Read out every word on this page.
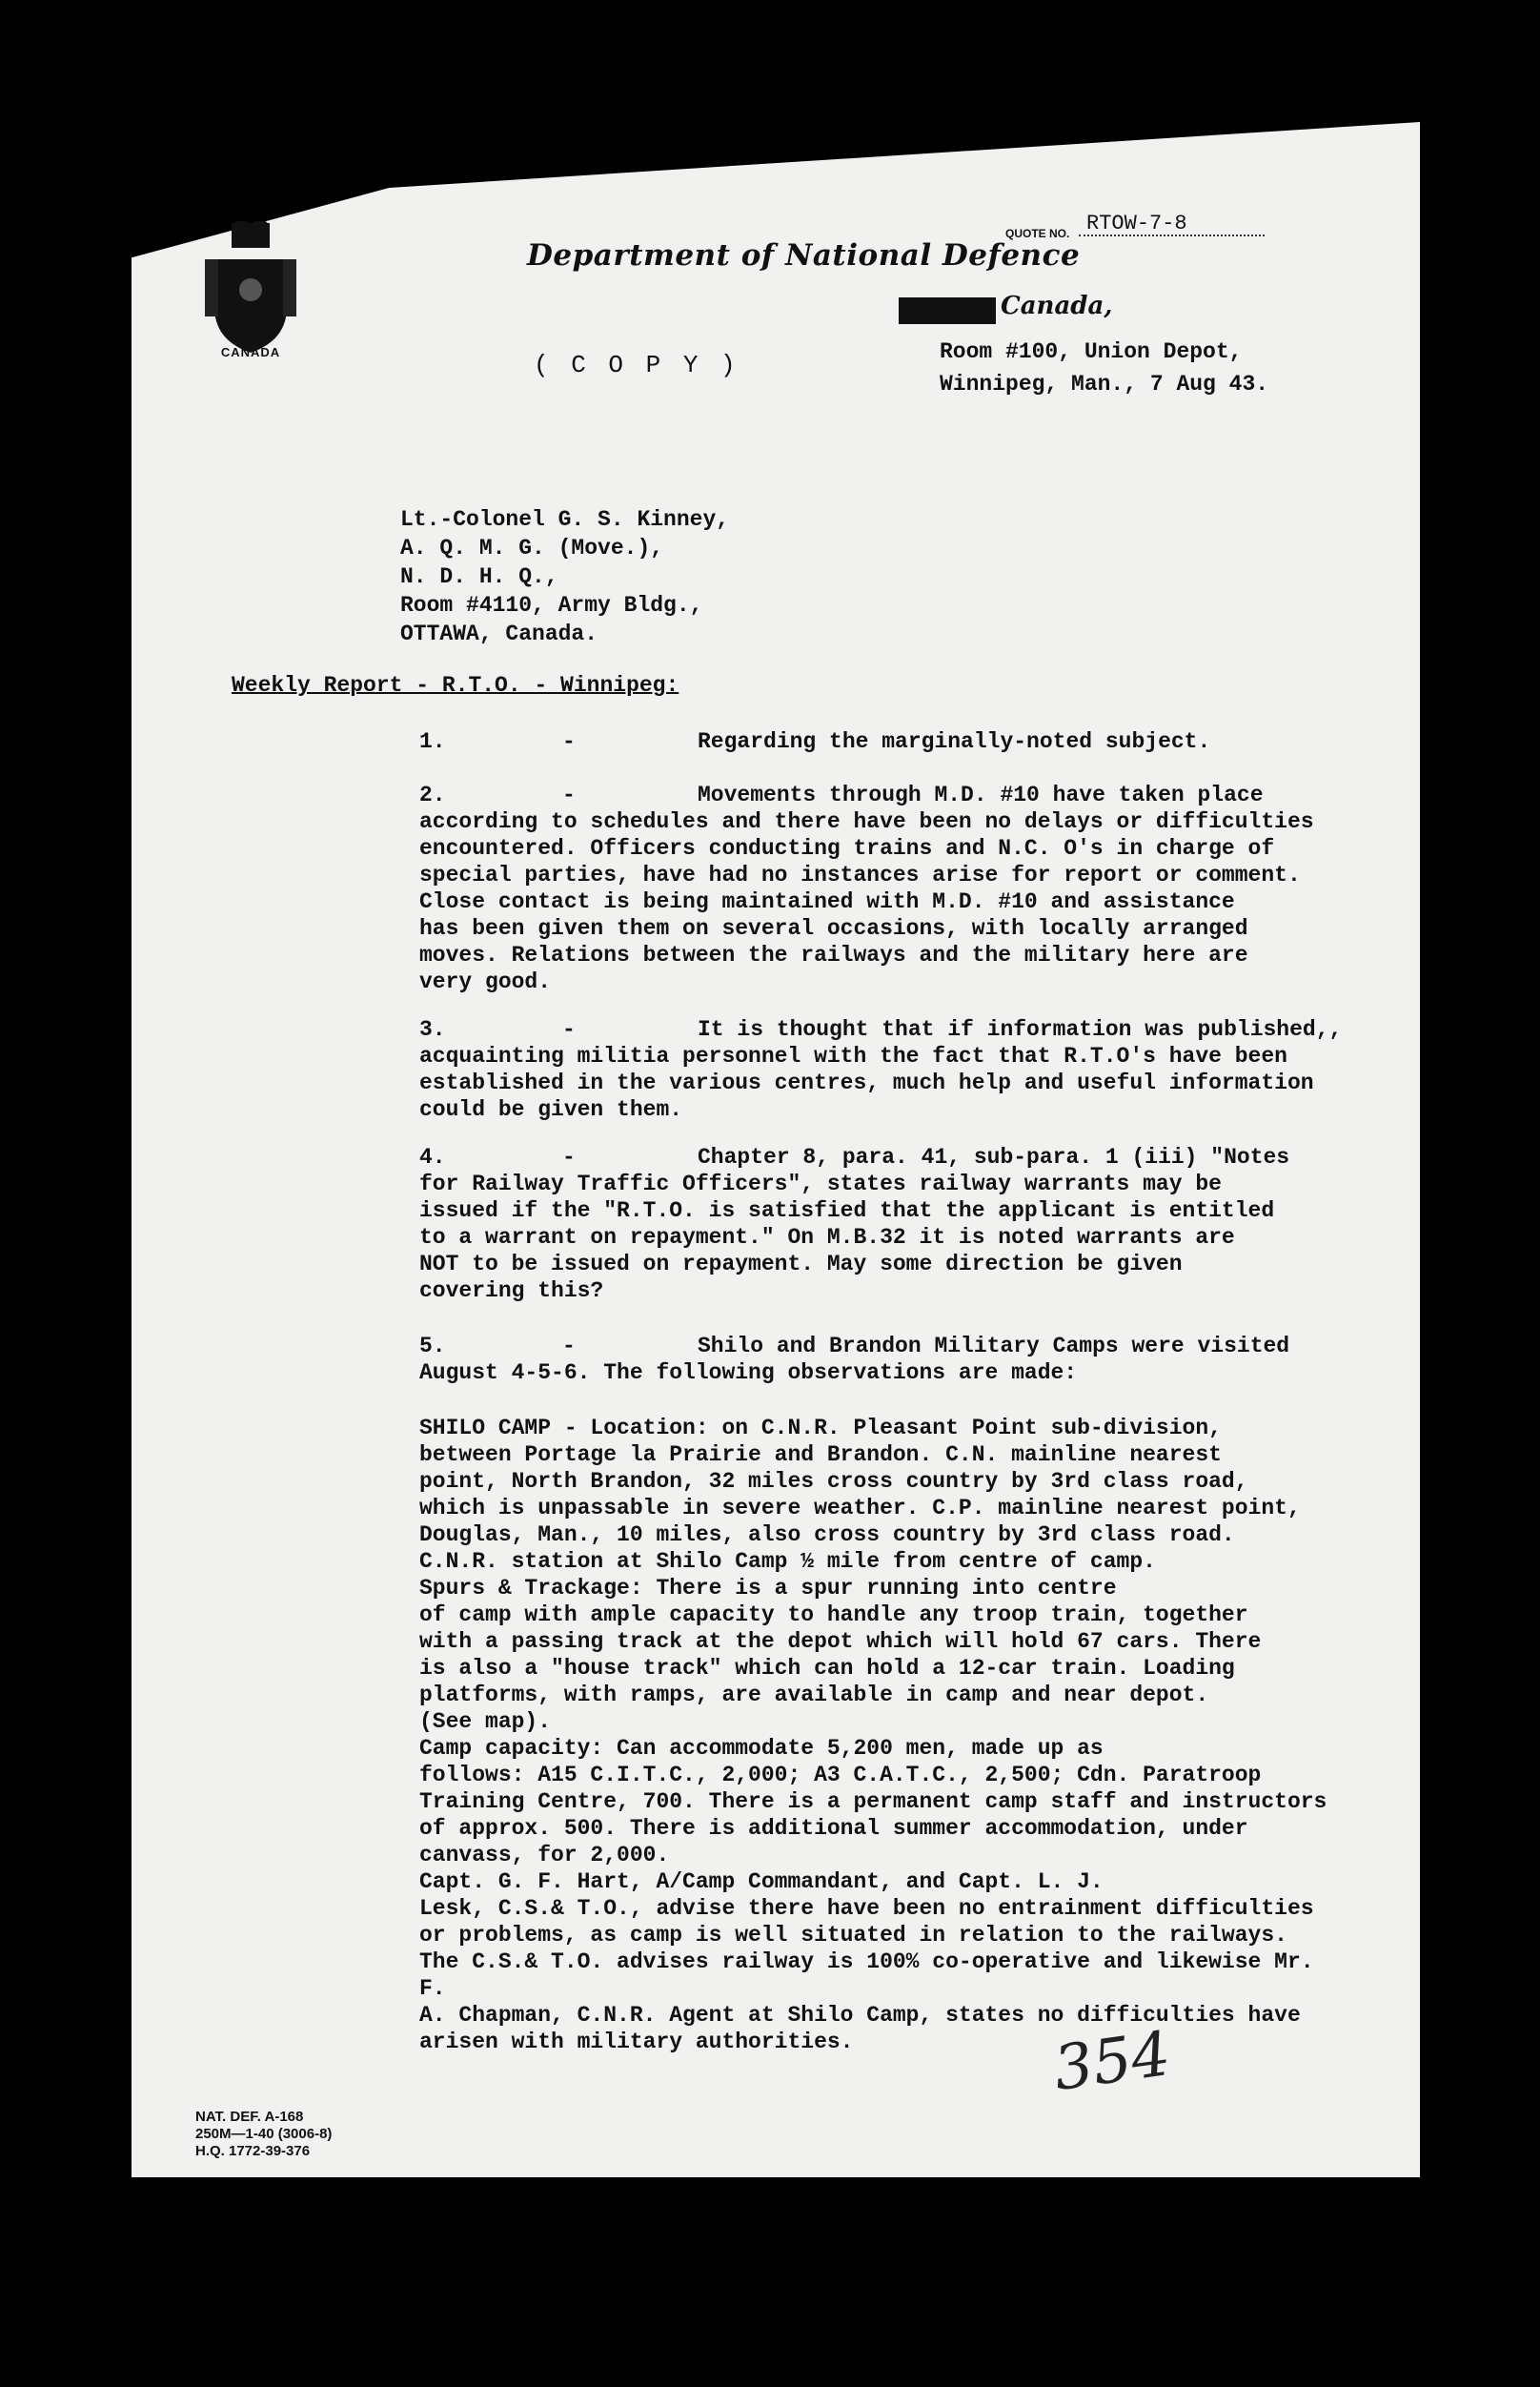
CANADA
QUOTE NO. RTOW-7-8
Department of National Defence
Canada,
Room #100, Union Depot,
Winnipeg, Man., 7 Aug 43.
( C O P Y )
Lt.-Colonel G. S. Kinney,
A. Q. M. G. (Move.),
N. D. H. Q.,
Room #4110, Army Bldg.,
OTTAWA, Canada.
Weekly Report - R.T.O. - Winnipeg:
1.	-	Regarding the marginally-noted subject.
2.	-	Movements through M.D. #10 have taken place
according to schedules and there have been no delays or difficulties
encountered. Officers conducting trains and N.C. O's in charge of
special parties, have had no instances arise for report or comment.
Close contact is being maintained with M.D. #10 and assistance
has been given them on several occasions, with locally arranged
moves. Relations between the railways and the military here are
very good.
3.	-	It is thought that if information was published,,
acquainting militia personnel with the fact that R.T.O's have been
established in the various centres, much help and useful information
could be given them.
4.	-	Chapter 8, para. 41, sub-para. 1 (iii) "Notes
for Railway Traffic Officers", states railway warrants may be
issued if the "R.T.O. is satisfied that the applicant is entitled
to a warrant on repayment." On M.B.32 it is noted warrants are
NOT to be issued on repayment. May some direction be given
covering this?
5.	-	Shilo and Brandon Military Camps were visited
August 4-5-6. The following observations are made:
SHILO CAMP - Location: on C.N.R. Pleasant Point sub-division,
between Portage la Prairie and Brandon. C.N. mainline nearest
point, North Brandon, 32 miles cross country by 3rd class road,
which is unpassable in severe weather. C.P. mainline nearest point,
Douglas, Man., 10 miles, also cross country by 3rd class road.
C.N.R. station at Shilo Camp ½ mile from centre of camp.
Spurs & Trackage: There is a spur running into centre
of camp with ample capacity to handle any troop train, together
with a passing track at the depot which will hold 67 cars. There
is also a "house track" which can hold a 12-car train. Loading
platforms, with ramps, are available in camp and near depot.
(See map).
Camp capacity: Can accommodate 5,200 men, made up as
follows: A15 C.I.T.C., 2,000; A3 C.A.T.C., 2,500; Cdn. Paratroop
Training Centre, 700. There is a permanent camp staff and instructors
of approx. 500. There is additional summer accommodation, under
canvass, for 2,000.
Capt. G. F. Hart, A/Camp Commandant, and Capt. L. J.
Lesk, C.S.& T.O., advise there have been no entrainment difficulties
or problems, as camp is well situated in relation to the railways.
The C.S.& T.O. advises railway is 100% co-operative and likewise Mr. F.
A. Chapman, C.N.R. Agent at Shilo Camp, states no difficulties have
arisen with military authorities.	354
NAT. DEF. A-168
250M—1-40 (3006-8)
H.Q. 1772-39-376
